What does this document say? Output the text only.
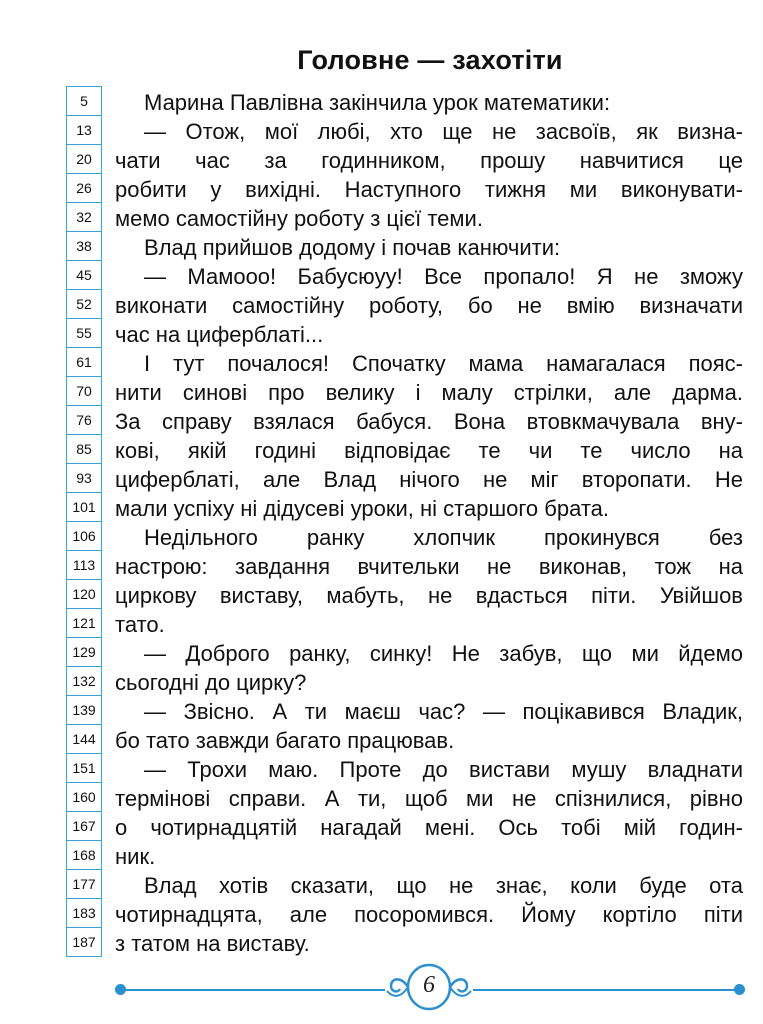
Головне — захотіти
5
13
20
26
32
38
45
52
55
61
70
76
85
93
101
106
113
120
121
129
132
139
144
151
160
167
168
177
183
187
Марина Павлівна закінчила урок математики:
— Отож, мої любі, хто ще не засвоїв, як визна-
чати час за годинником, прошу навчитися це
робити у вихідні. Наступного тижня ми виконувати-
мемо самостійну роботу з цієї теми.
Влад прийшов додому і почав канючити:
— Мамооо! Бабусюуу! Все пропало! Я не зможу
виконати самостійну роботу, бо не вмію визначати
час на циферблаті...
І тут почалося! Спочатку мама намагалася пояс-
нити синові про велику і малу стрілки, але дарма.
За справу взялася бабуся. Вона втовкмачувала вну-
кові, якій годині відповідає те чи те число на
циферблаті, але Влад нічого не міг второпати. Не
мали успіху ні дідусеві уроки, ні старшого брата.
Недільного ранку хлопчик прокинувся без
настрою: завдання вчительки не виконав, тож на
циркову виставу, мабуть, не вдасться піти. Увійшов
тато.
— Доброго ранку, синку! Не забув, що ми йдемо
сьогодні до цирку?
— Звісно. А ти маєш час? — поцікавився Владик,
бо тато завжди багато працював.
— Трохи маю. Проте до вистави мушу владнати
термінові справи. А ти, щоб ми не спізнилися, рівно
о чотирнадцятій нагадай мені. Ось тобі мій годин-
ник.
Влад хотів сказати, що не знає, коли буде ота
чотирнадцята, але посоромився. Йому кортіло піти
з татом на виставу.
6
